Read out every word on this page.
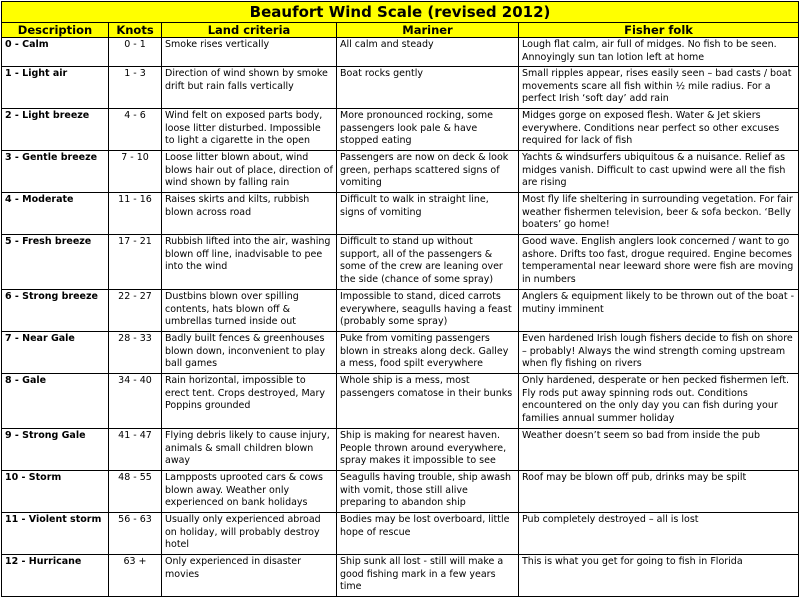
Beaufort Wind Scale (revised 2012)				
Description	Knots	Land criteria	Mariner	Fisher folk
0 - Calm	0 - 1	Smoke rises vertically	All calm and steady	Lough flat calm, air full of midges. No fish to be seen. Annoyingly sun tan lotion left at home
1 - Light air	1 - 3	Direction of wind shown by smoke drift but rain falls vertically	Boat rocks gently	Small ripples appear, rises easily seen – bad casts / boat movements scare all fish within ½ mile radius. For a perfect Irish ‘soft day’ add rain
2 - Light breeze	4 - 6	Wind felt on exposed parts body, loose litter disturbed. Impossible to light a cigarette in the open	More pronounced rocking, some passengers look pale & have stopped eating	Midges gorge on exposed flesh. Water & Jet skiers everywhere. Conditions near perfect so other excuses required for lack of fish
3 - Gentle breeze	7 - 10	Loose litter blown about, wind blows hair out of place, direction of wind shown by falling rain	Passengers are now on deck & look green, perhaps scattered signs of vomiting	Yachts & windsurfers ubiquitous & a nuisance. Relief as midges vanish. Difficult to cast upwind were all the fish are rising
4 - Moderate	11 - 16	Raises skirts and kilts, rubbish blown across road	Difficult to walk in straight line, signs of vomiting	Most fly life sheltering in surrounding vegetation. For fair weather fishermen television, beer & sofa beckon. ‘Belly boaters’ go home!
5 - Fresh breeze	17 - 21	Rubbish lifted into the air, washing blown off line, inadvisable to pee into the wind	Difficult to stand up without support, all of the passengers & some of the crew are leaning over the side (chance of some spray)	Good wave. English anglers look concerned / want to go ashore. Drifts too fast, drogue required. Engine becomes temperamental near leeward shore were fish are moving in numbers
6 - Strong breeze	22 - 27	Dustbins blown over spilling contents, hats blown off & umbrellas turned inside out	Impossible to stand, diced carrots everywhere, seagulls having a feast (probably some spray)	Anglers & equipment likely to be thrown out of the boat - mutiny imminent
7 - Near Gale	28 - 33	Badly built fences & greenhouses blown down, inconvenient to play ball games	Puke from vomiting passengers blown in streaks along deck. Galley a mess, food spilt everywhere	Even hardened Irish lough fishers decide to fish on shore – probably! Always the wind strength coming upstream when fly fishing on rivers
8 - Gale	34 - 40	Rain horizontal, impossible to erect tent. Crops destroyed, Mary Poppins grounded	Whole ship is a mess, most passengers comatose in their bunks	Only hardened, desperate or hen pecked fishermen left. Fly rods put away spinning rods out. Conditions encountered on the only day you can fish during your families annual summer holiday
9 - Strong Gale	41 - 47	Flying debris likely to cause injury, animals & small children blown away	Ship is making for nearest haven. People thrown around everywhere, spray makes it impossible to see	Weather doesn’t seem so bad from inside the pub
10 - Storm	48 - 55	Lampposts uprooted cars & cows blown away. Weather only experienced on bank holidays	Seagulls having trouble, ship awash with vomit, those still alive preparing to abandon ship	Roof may be blown off pub, drinks may be spilt
11 - Violent storm	56 - 63	Usually only experienced abroad on holiday, will probably destroy hotel	Bodies may be lost overboard, little hope of rescue	Pub completely destroyed – all is lost
12 - Hurricane	63 +	Only experienced in disaster movies	Ship sunk all lost - still will make a good fishing mark in a few years time	This is what you get for going to fish in Florida
